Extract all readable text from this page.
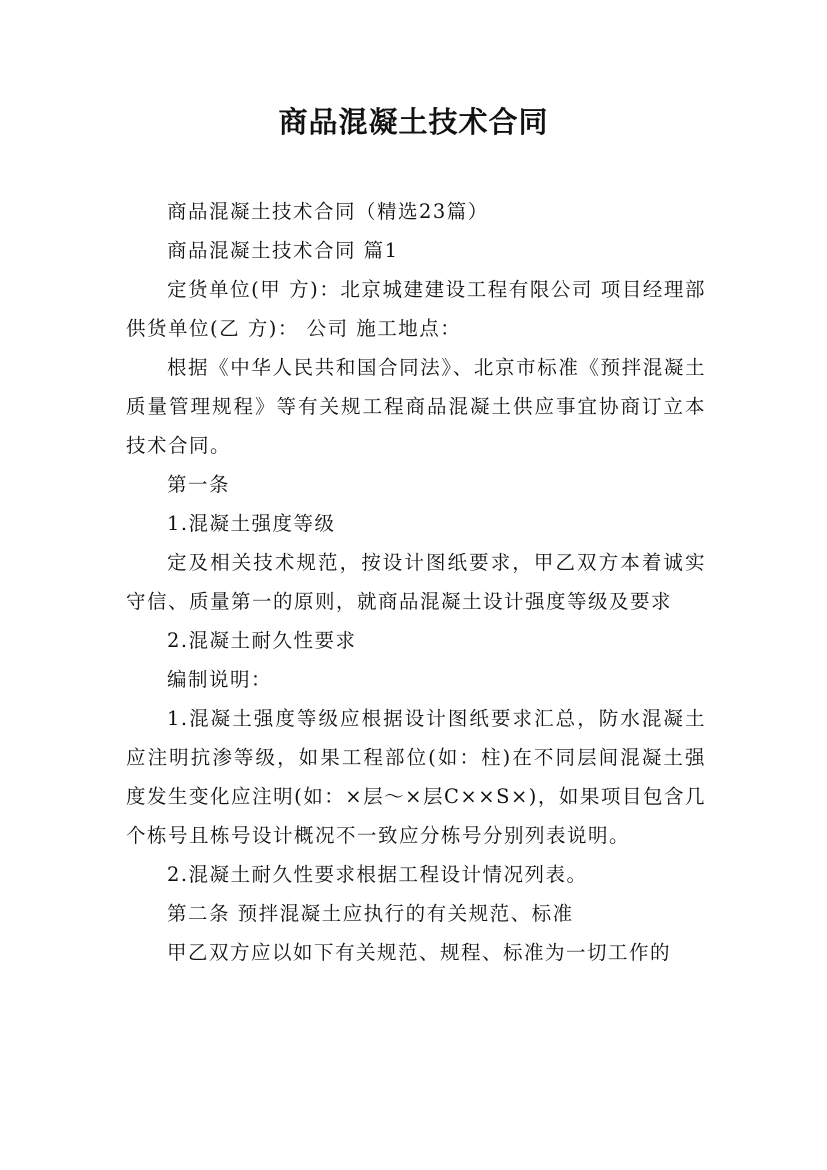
商品混凝土技术合同

商品混凝土技术合同（精选23篇）

商品混凝土技术合同 篇1

定货单位(甲 方)：北京城建建设工程有限公司 项目经理部 供货单位(乙 方)： 公司 施工地点：

根据《中华人民共和国合同法》、北京市标准《预拌混凝土质量管理规程》等有关规工程商品混凝土供应事宜协商订立本技术合同。

第一条

1.混凝土强度等级

定及相关技术规范，按设计图纸要求，甲乙双方本着诚实守信、质量第一的原则，就商品混凝土设计强度等级及要求

2.混凝土耐久性要求

编制说明：

1.混凝土强度等级应根据设计图纸要求汇总，防水混凝土应注明抗渗等级，如果工程部位(如：柱)在不同层间混凝土强度发生变化应注明(如：×层～×层C××S×)，如果项目包含几个栋号且栋号设计概况不一致应分栋号分别列表说明。

2.混凝土耐久性要求根据工程设计情况列表。

第二条 预拌混凝土应执行的有关规范、标准

甲乙双方应以如下有关规范、规程、标准为一切工作的
